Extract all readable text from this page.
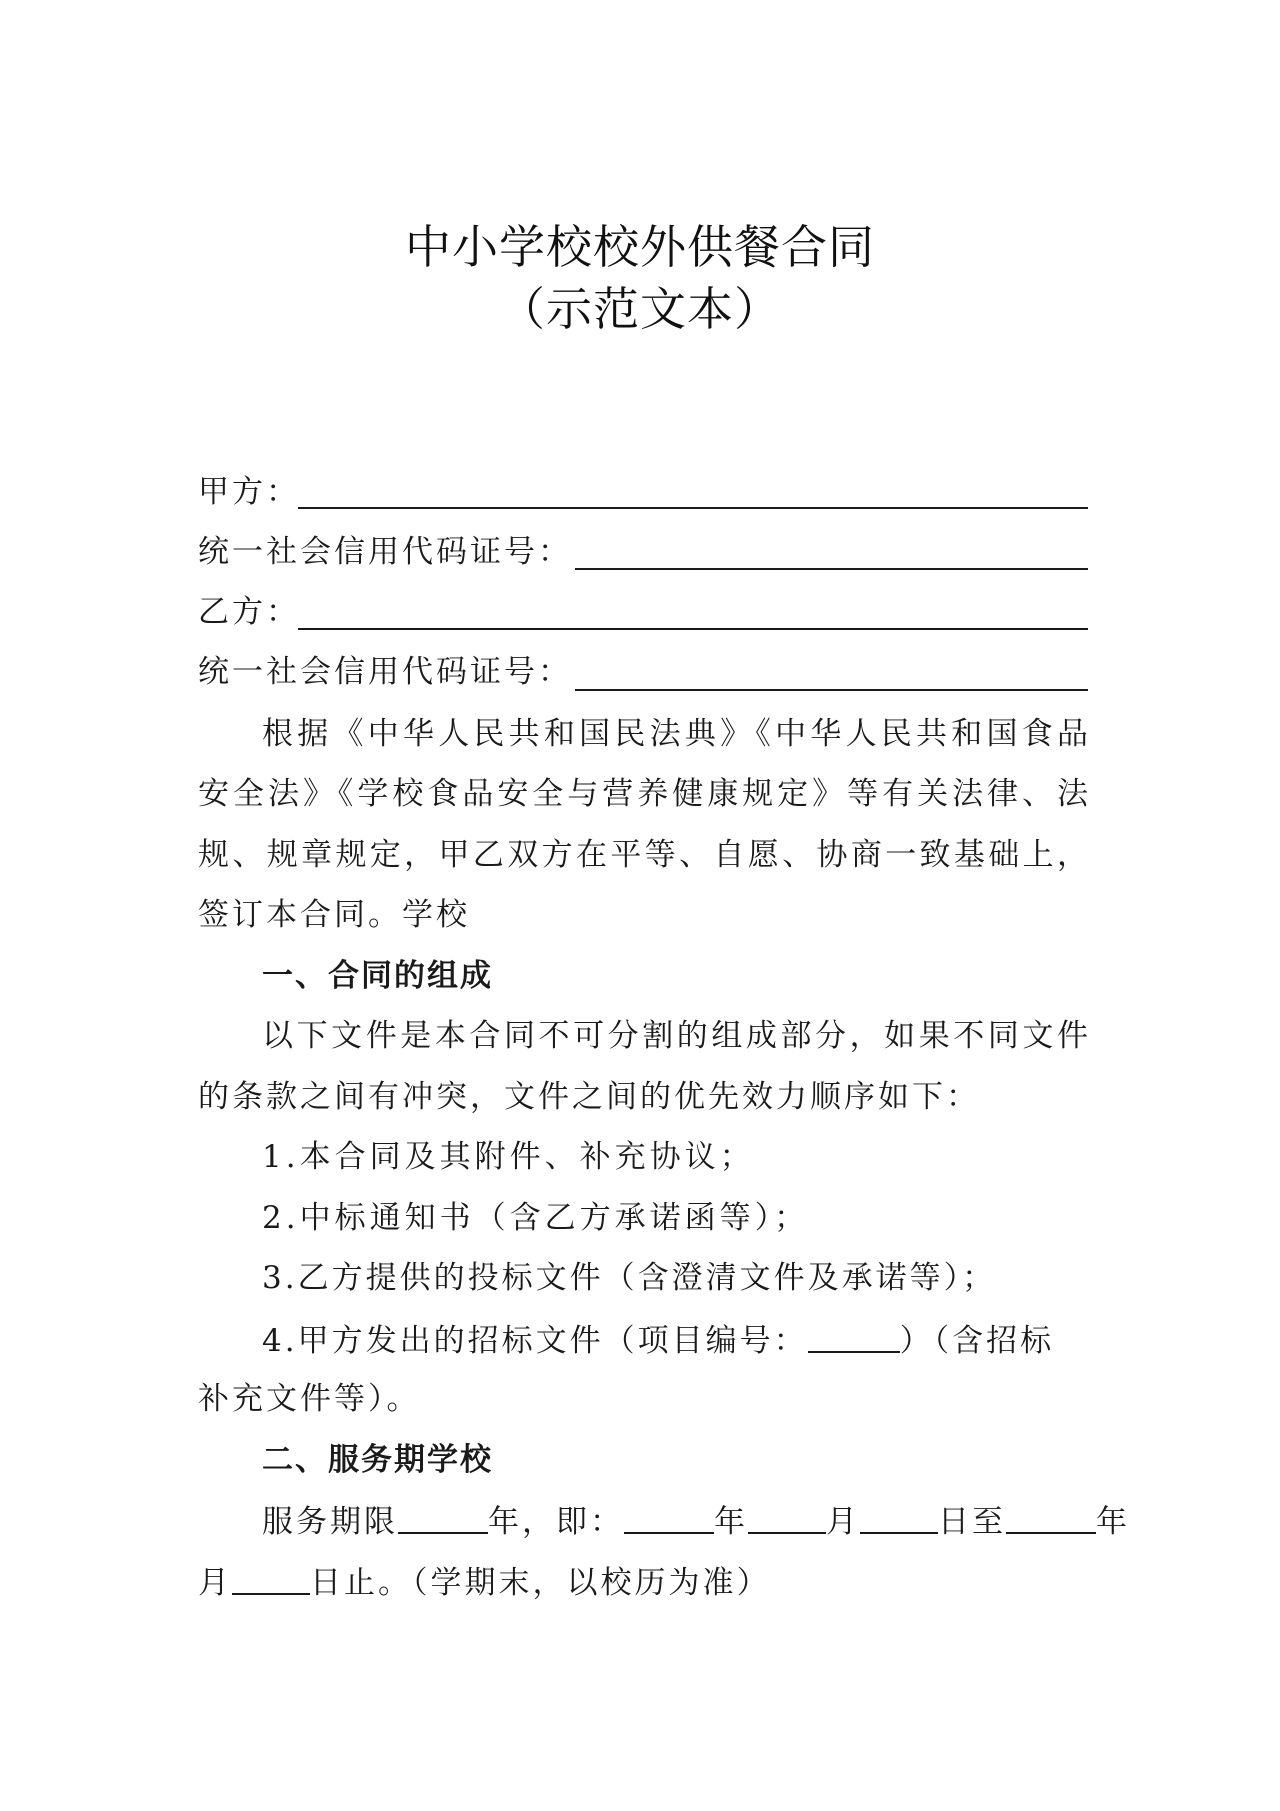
中小学校校外供餐合同
（示范文本）
甲方：
统一社会信用代码证号：
乙方：
统一社会信用代码证号：
根据《中华人民共和国民法典》《中华人民共和国食品
安全法》《学校食品安全与营养健康规定》等有关法律、法
规、规章规定，甲乙双方在平等、自愿、协商一致基础上，
签订本合同。学校
一、合同的组成
以下文件是本合同不可分割的组成部分，如果不同文件
的条款之间有冲突，文件之间的优先效力顺序如下：
1.本合同及其附件、补充协议；
2.中标通知书（含乙方承诺函等）；
3.乙方提供的投标文件（含澄清文件及承诺等）；
4.甲方发出的招标文件（项目编号：	）（含招标
补充文件等）。
二、服务期学校
服务期限	年，即：	年	月	日至	年
月	日止。（学期末，以校历为准）
